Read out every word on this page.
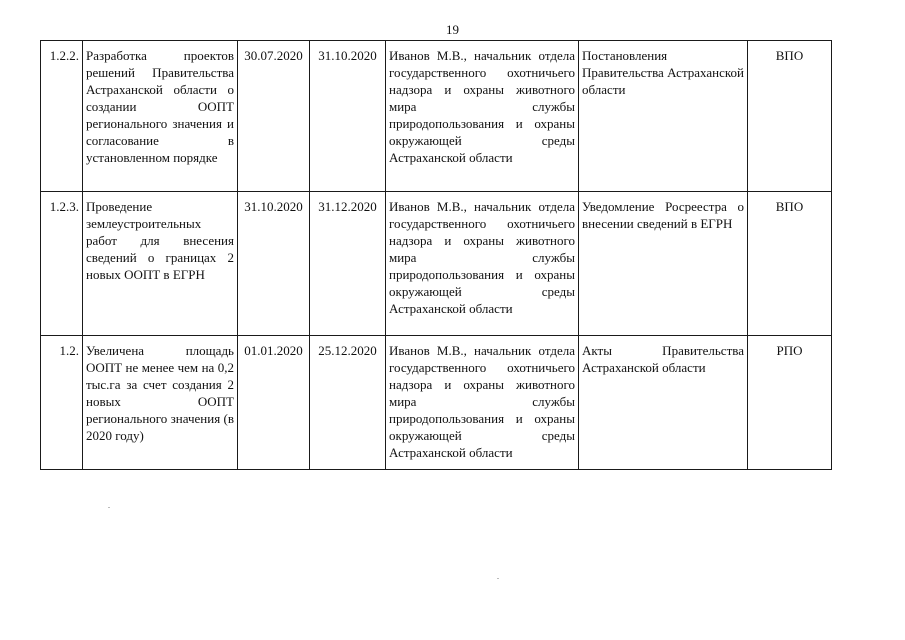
19
1.2.2.	Разработка проектов решений Правительства Астраханской области о создании ООПТ регионального значения и согласование в установленном порядке	30.07.2020	31.10.2020	Иванов М.В., начальник отдела государственного охотничьего надзора и охраны животного мира службы природопользования и охраны окружающей среды Астраханской области	Постановления Правительства Астраханской области	ВПО
1.2.3.	Проведение землеустроительных работ для внесения сведений о границах 2 новых ООПТ в ЕГРН	31.10.2020	31.12.2020	Иванов М.В., начальник отдела государственного охотничьего надзора и охраны животного мира службы природопользования и охраны окружающей среды Астраханской области	Уведомление Росреестра о внесении сведений в ЕГРН	ВПО
1.2.	Увеличена площадь ООПТ не менее чем на 0,2 тыс.га за счет создания 2 новых ООПТ регионального значения (в 2020 году)	01.01.2020	25.12.2020	Иванов М.В., начальник отдела государственного охотничьего надзора и охраны животного мира службы природопользования и охраны окружающей среды Астраханской области	Акты Правительства Астраханской области	РПО
